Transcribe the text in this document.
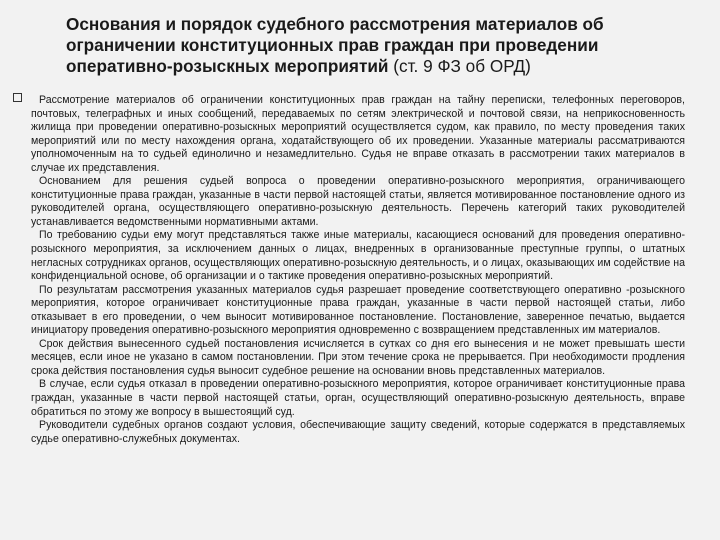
Основания и порядок судебного рассмотрения материалов об ограничении конституционных прав граждан при проведении оперативно-розыскных мероприятий (ст. 9 ФЗ об ОРД)

Рассмотрение материалов об ограничении конституционных прав граждан на тайну переписки, телефонных переговоров, почтовых, телеграфных и иных сообщений, передаваемых по сетям электрической и почтовой связи, на неприкосновенность жилища при проведении оперативно-розыскных мероприятий осуществляется судом, как правило, по месту проведения таких мероприятий или по месту нахождения органа, ходатайствующего об их проведении. Указанные материалы рассматриваются уполномоченным на то судьей единолично и незамедлительно. Судья не вправе отказать в рассмотрении таких материалов в случае их представления.

Основанием для решения судьей вопроса о проведении оперативно-розыскного мероприятия, ограничивающего конституционные права граждан, указанные в части первой настоящей статьи, является мотивированное постановление одного из руководителей органа, осуществляющего оперативно-розыскную деятельность. Перечень категорий таких руководителей устанавливается ведомственными нормативными актами.

По требованию судьи ему могут представляться также иные материалы, касающиеся оснований для проведения оперативно-розыскного мероприятия, за исключением данных о лицах, внедренных в организованные преступные группы, о штатных негласных сотрудниках органов, осуществляющих оперативно-розыскную деятельность, и о лицах, оказывающих им содействие на конфиденциальной основе, об организации и о тактике проведения оперативно-розыскных мероприятий.

По результатам рассмотрения указанных материалов судья разрешает проведение соответствующего оперативно -розыскного мероприятия, которое ограничивает конституционные права граждан, указанные в части первой настоящей статьи, либо отказывает в его проведении, о чем выносит мотивированное постановление. Постановление, заверенное печатью, выдается инициатору проведения оперативно-розыскного мероприятия одновременно с возвращением представленных им материалов.

Срок действия вынесенного судьей постановления исчисляется в сутках со дня его вынесения и не может превышать шести месяцев, если иное не указано в самом постановлении. При этом течение срока не прерывается. При необходимости продления срока действия постановления судья выносит судебное решение на основании вновь представленных материалов.

В случае, если судья отказал в проведении оперативно-розыскного мероприятия, которое ограничивает конституционные права граждан, указанные в части первой настоящей статьи, орган, осуществляющий оперативно-розыскную деятельность, вправе обратиться по этому же вопросу в вышестоящий суд.

Руководители судебных органов создают условия, обеспечивающие защиту сведений, которые содержатся в представляемых судье оперативно-служебных документах.
